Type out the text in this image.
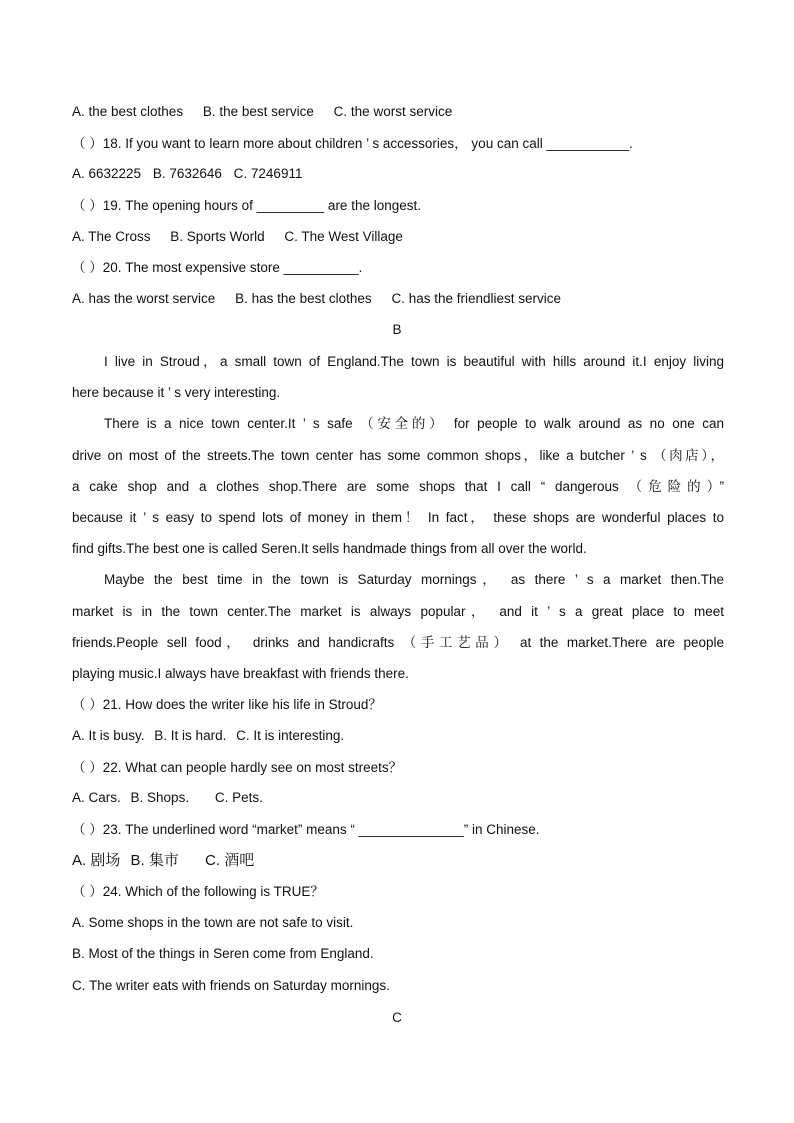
A. the best clothes B. the best service C. the worst service
（ ）18. If you want to learn more about children ’ s accessories， you can call ___________.
A. 6632225 B. 7632646 C. 7246911
（ ）19. The opening hours of _________ are the longest.
A. The Cross B. Sports World C. The West Village
（ ）20. The most expensive store __________.
A. has the worst service B. has the best clothes C. has the friendliest service
B
I live in Stroud，a small town of England.The town is beautiful with hills around it.I enjoy living
here because it ’ s very interesting.
There is a nice town center.It ’ s safe （安全的） for people to walk around as no one can
drive on most of the streets.The town center has some common shops，like a butcher ’ s （肉店），
a cake shop and a clothes shop.There are some shops that I call “ dangerous （危险的）”
because it ’ s easy to spend lots of money in them！ In fact， these shops are wonderful places to
find gifts.The best one is called Seren.It sells handmade things from all over the world.
Maybe the best time in the town is Saturday mornings， as there ’ s a market then.The
market is in the town center.The market is always popular， and it ’ s a great place to meet
friends.People sell food， drinks and handicrafts （手工艺品） at the market.There are people
playing music.I always have breakfast with friends there.
（ ）21. How does the writer like his life in Stroud？
A. It is busy. B. It is hard. C. It is interesting.
（ ）22. What can people hardly see on most streets？
A. Cars. B. Shops. C. Pets.
（ ）23. The underlined word “market” means “ ______________” in Chinese.
A. 剧场 B. 集市 C. 酒吧
（ ）24. Which of the following is TRUE？
A. Some shops in the town are not safe to visit.
B. Most of the things in Seren come from England.
C. The writer eats with friends on Saturday mornings.
C
